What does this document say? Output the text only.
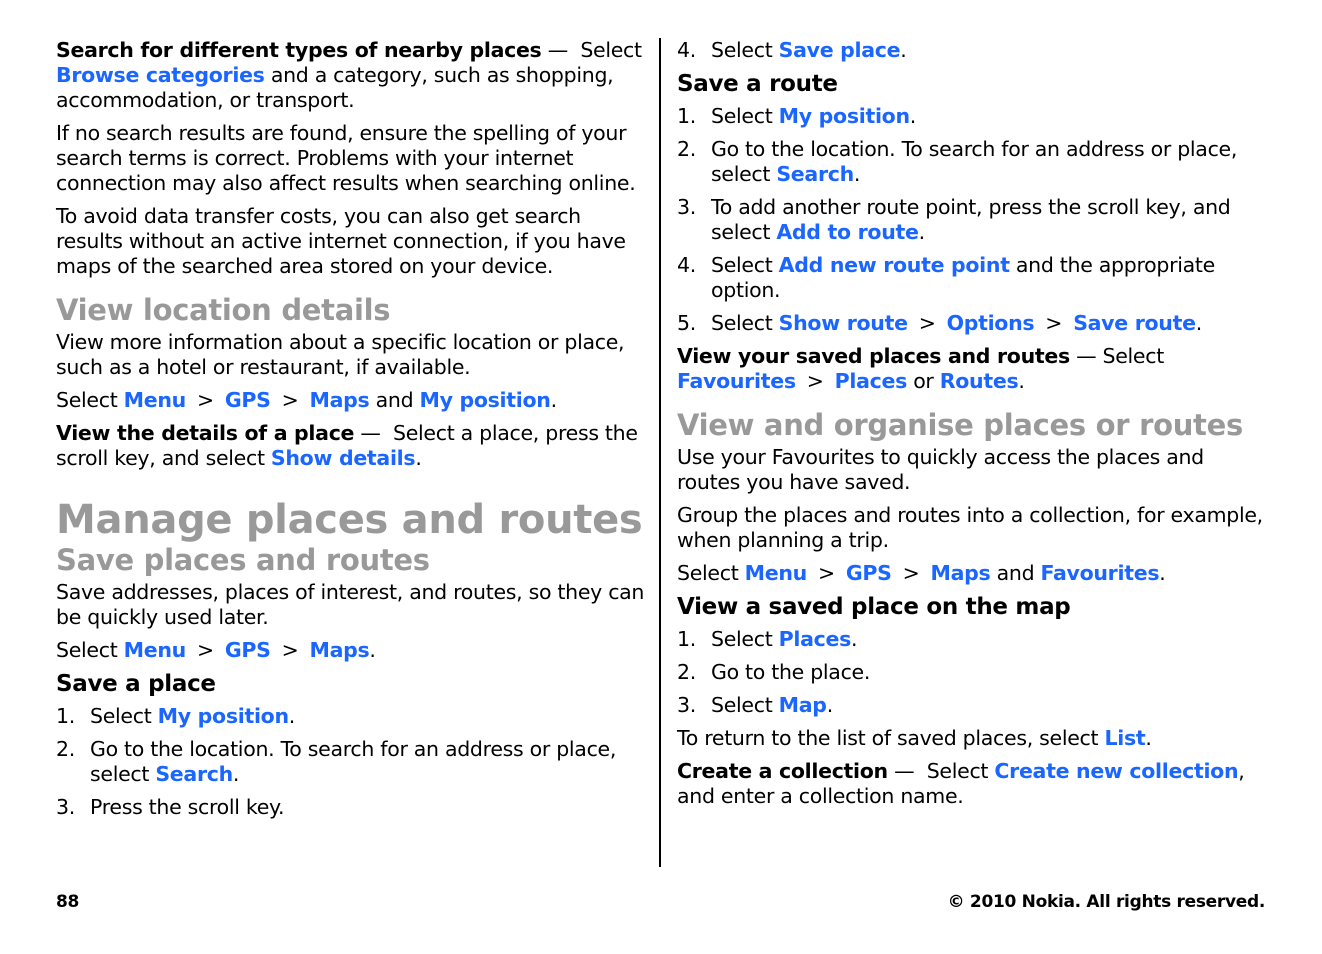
Search for different types of nearby places — Select Browse categories and a category, such as shopping, accommodation, or transport.

If no search results are found, ensure the spelling of your search terms is correct. Problems with your internet connection may also affect results when searching online.

To avoid data transfer costs, you can also get search results without an active internet connection, if you have maps of the searched area stored on your device.

View location details

View more information about a specific location or place, such as a hotel or restaurant, if available.

Select Menu > GPS > Maps and My position.

View the details of a place — Select a place, press the scroll key, and select Show details.

Manage places and routes
Save places and routes

Save addresses, places of interest, and routes, so they can be quickly used later.

Select Menu > GPS > Maps.

Save a place
1. Select My position.
2. Go to the location. To search for an address or place, select Search.
3. Press the scroll key.
4. Select Save place.
Save a route
1. Select My position.
2. Go to the location. To search for an address or place, select Search.
3. To add another route point, press the scroll key, and select Add to route.
4. Select Add new route point and the appropriate option.
5. Select Show route > Options > Save route.

View your saved places and routes — Select Favourites > Places or Routes.

View and organise places or routes

Use your Favourites to quickly access the places and routes you have saved.

Group the places and routes into a collection, for example, when planning a trip.

Select Menu > GPS > Maps and Favourites.

View a saved place on the map
1. Select Places.
2. Go to the place.
3. Select Map.

To return to the list of saved places, select List.

Create a collection — Select Create new collection, and enter a collection name.

88	© 2010 Nokia. All rights reserved.
